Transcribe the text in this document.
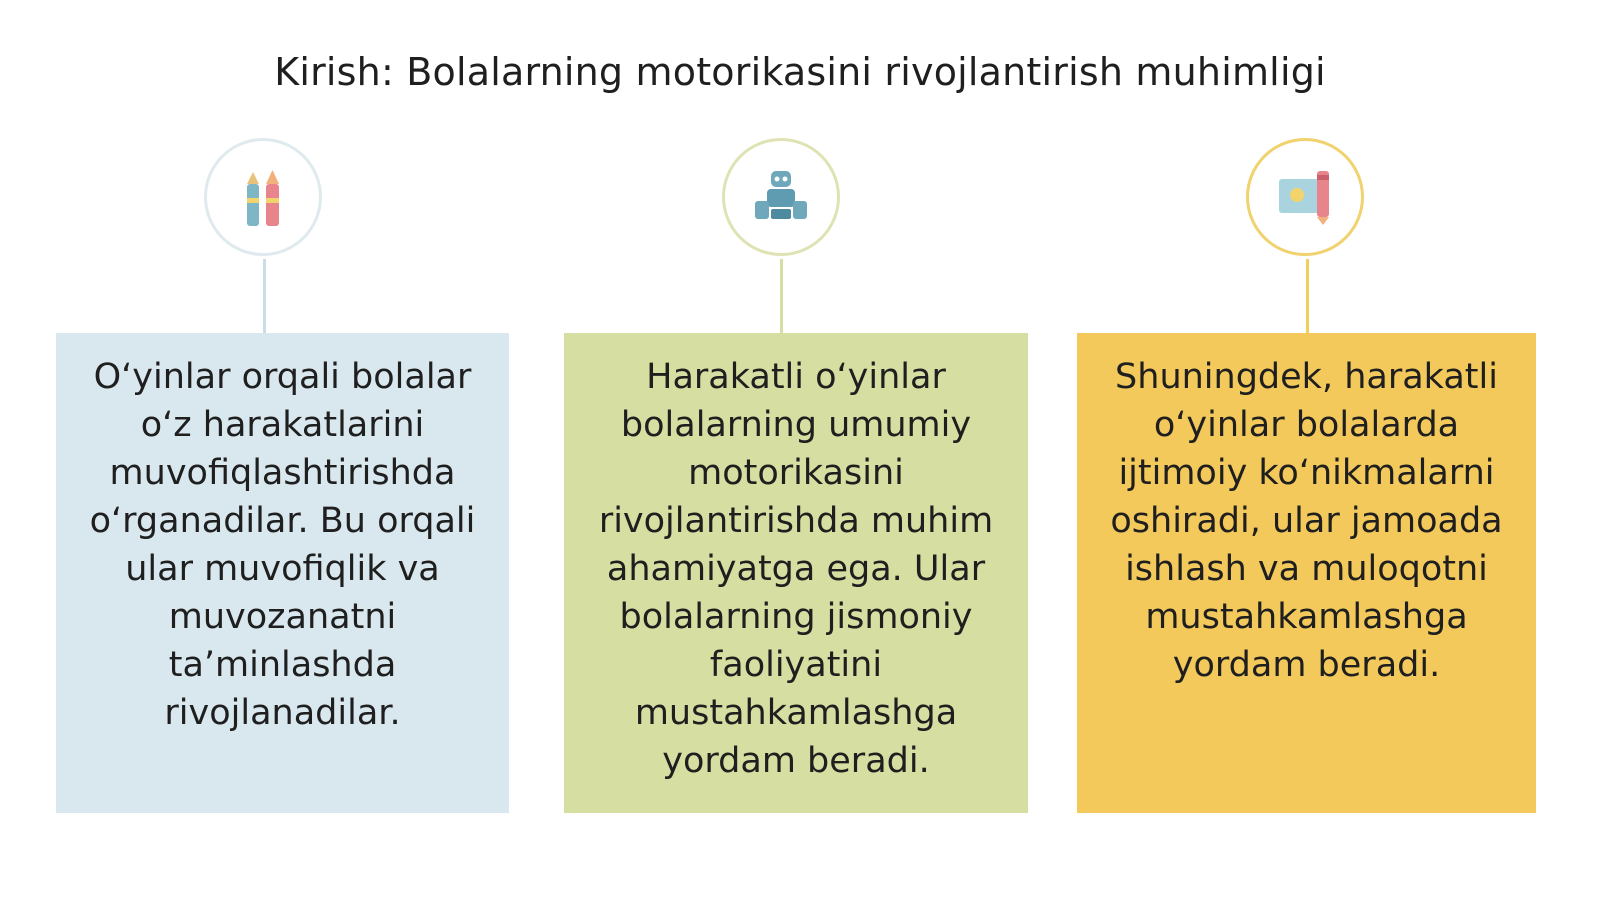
Kirish: Bolalarning motorikasini rivojlantirish muhimligi
O‘yinlar orqali bolalar o‘z harakatlarini muvofiqlashtirishda o‘rganadilar. Bu orqali ular muvofiqlik va muvozanatni ta’minlashda rivojlanadilar.
Harakatli o‘yinlar bolalarning umumiy motorikasini rivojlantirishda muhim ahamiyatga ega. Ular bolalarning jismoniy faoliyatini mustahkamlashga yordam beradi.
Shuningdek, harakatli o‘yinlar bolalarda ijtimoiy ko‘nikmalarni oshiradi, ular jamoada ishlash va muloqotni mustahkamlashga yordam beradi.
